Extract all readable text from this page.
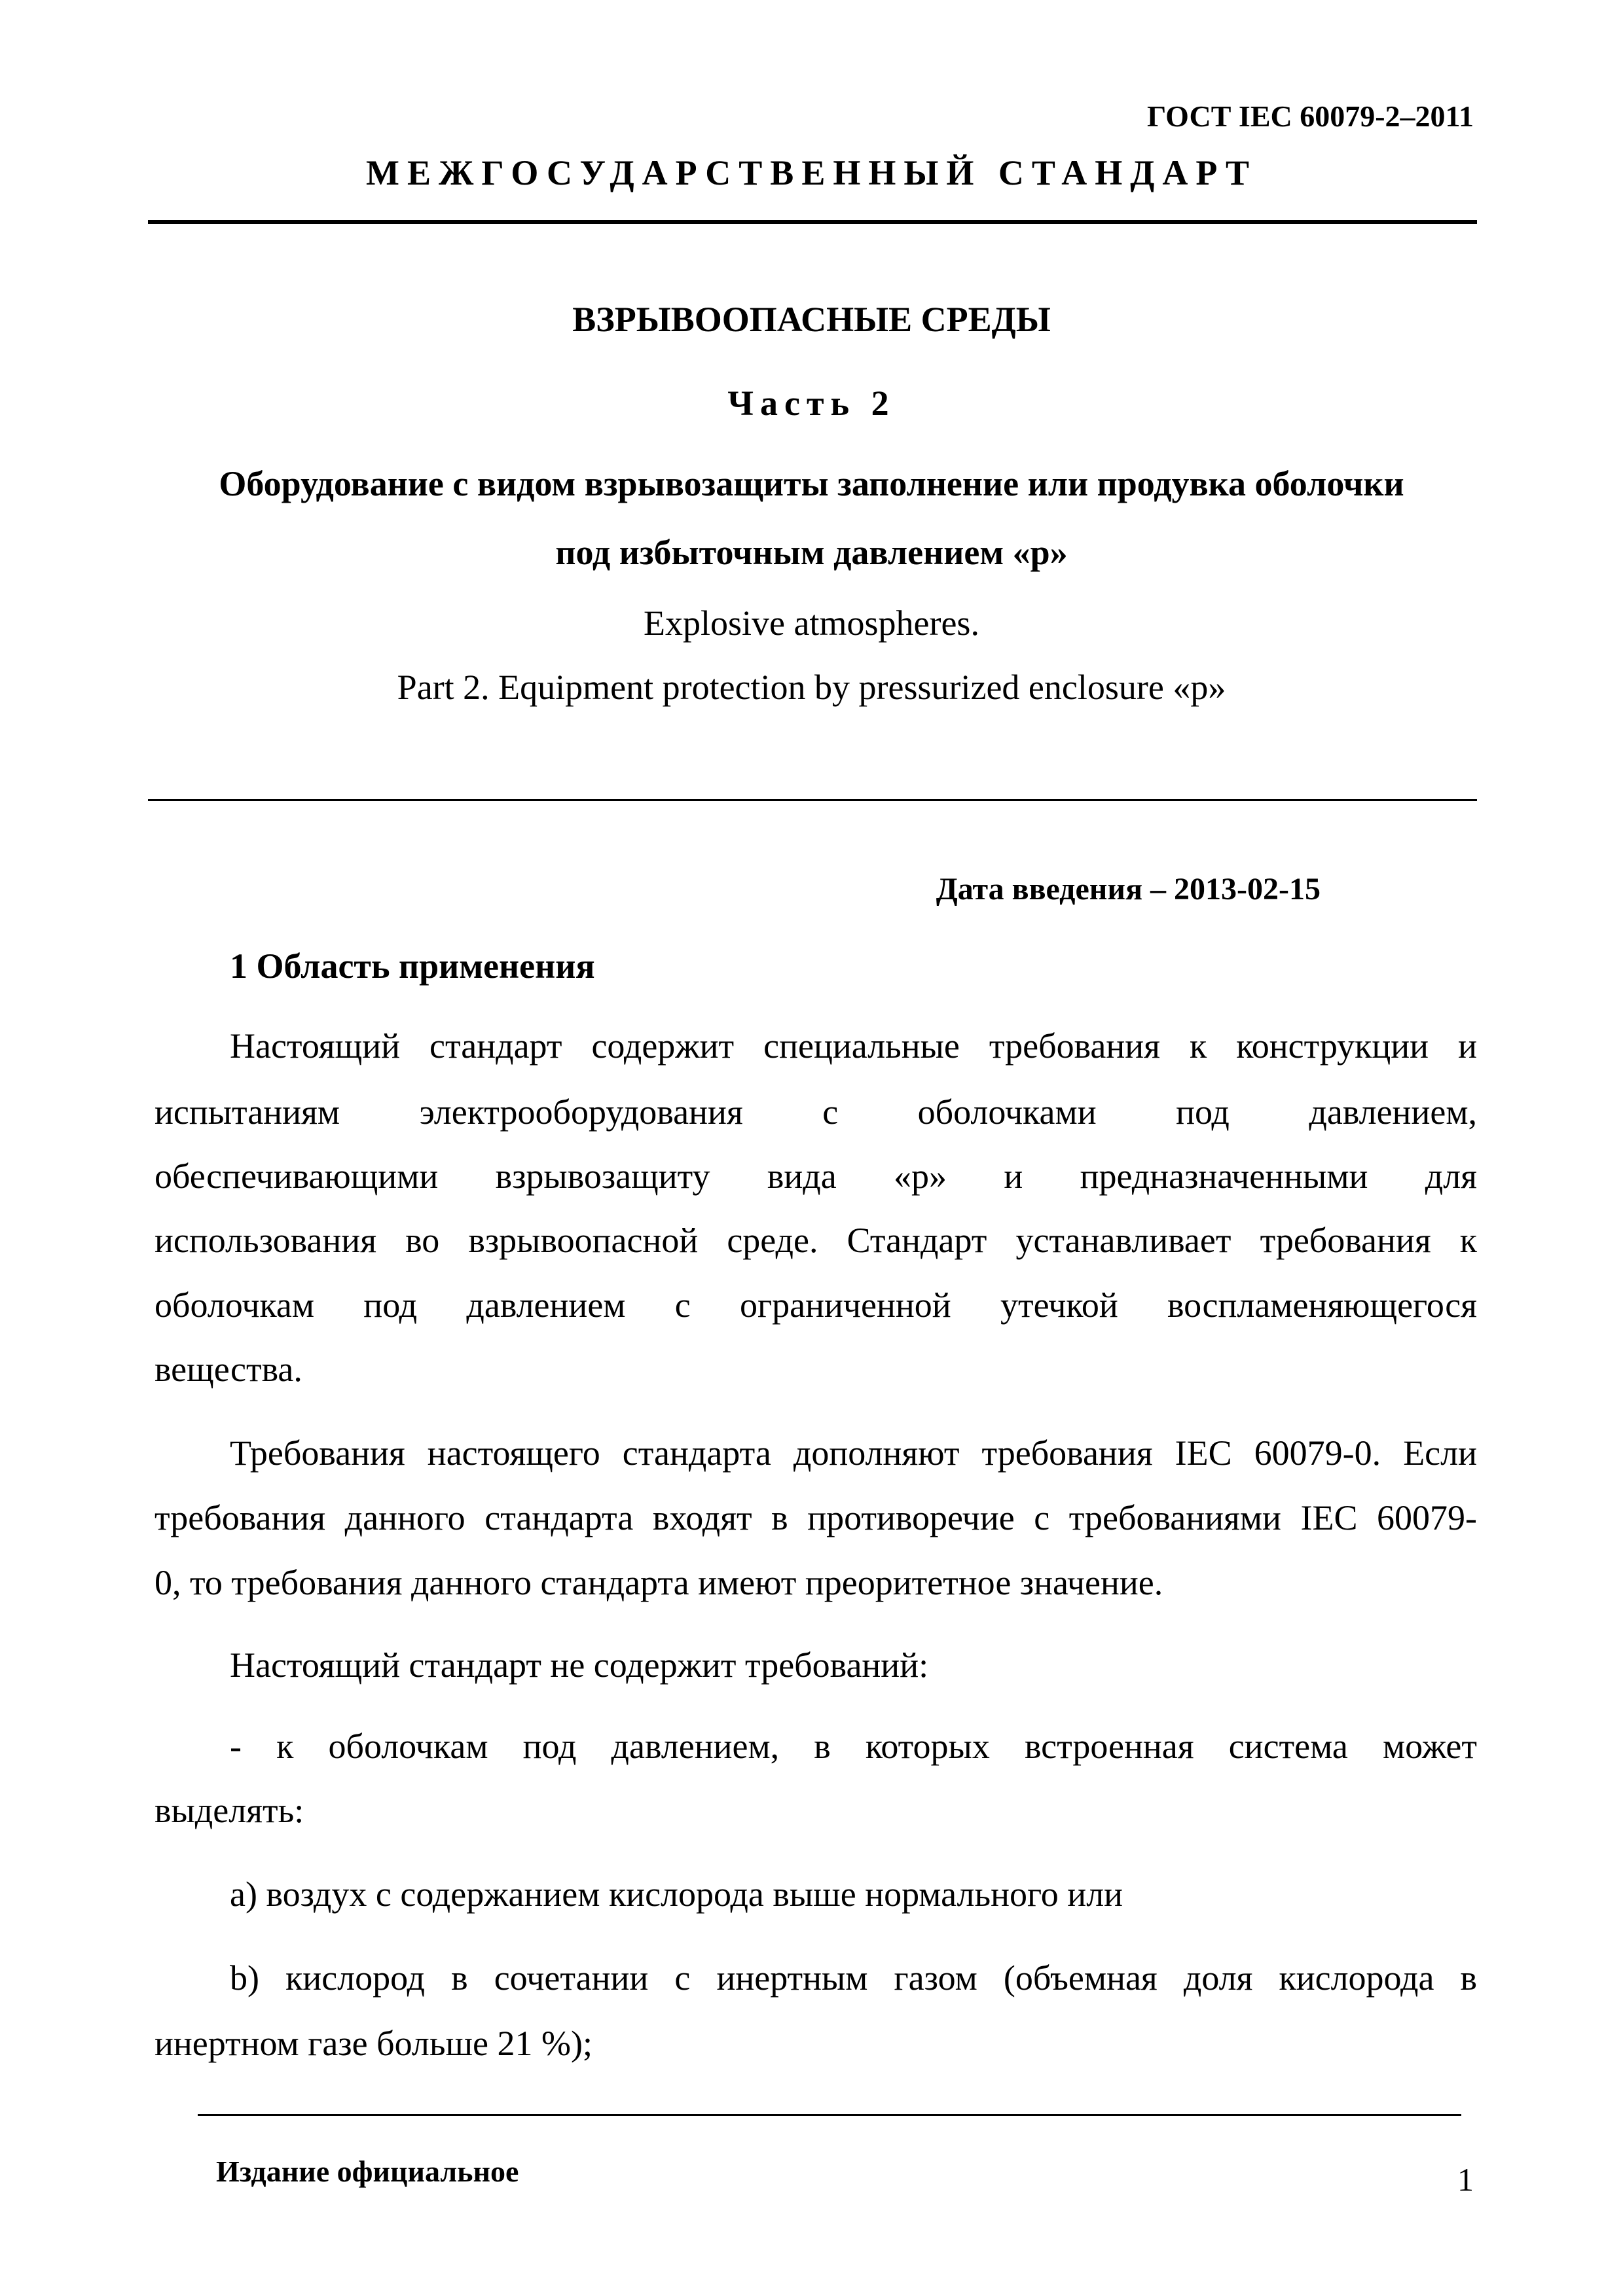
ГОСТ IEC 60079-2–2011
МЕЖГОСУДАРСТВЕННЫЙ СТАНДАРТ
ВЗРЫВООПАСНЫЕ СРЕДЫ
Часть 2
Оборудование с видом взрывозащиты заполнение или продувка оболочки
под избыточным давлением «p»
Explosive atmospheres.
Part 2. Equipment protection by pressurized enclosure «p»
Дата введения – 2013-02-15
1 Область применения
Настоящий стандарт содержит специальные требования к конструкции и
испытаниям электрооборудования с оболочками под давлением,
обеспечивающими взрывозащиту вида «p» и предназначенными для
использования во взрывоопасной среде. Стандарт устанавливает требования к
оболочкам под давлением с ограниченной утечкой воспламеняющегося
вещества.
Требования настоящего стандарта дополняют требования IEC 60079-0. Если
требования данного стандарта входят в противоречие с требованиями IEC 60079-
0, то требования данного стандарта имеют преоритетное значение.
Настоящий стандарт не содержит требований:
- к оболочкам под давлением, в которых встроенная система может
выделять:
a) воздух с содержанием кислорода выше нормального или
b) кислород в сочетании с инертным газом (объемная доля кислорода в
инертном газе больше 21 %);
Издание официальное	1
